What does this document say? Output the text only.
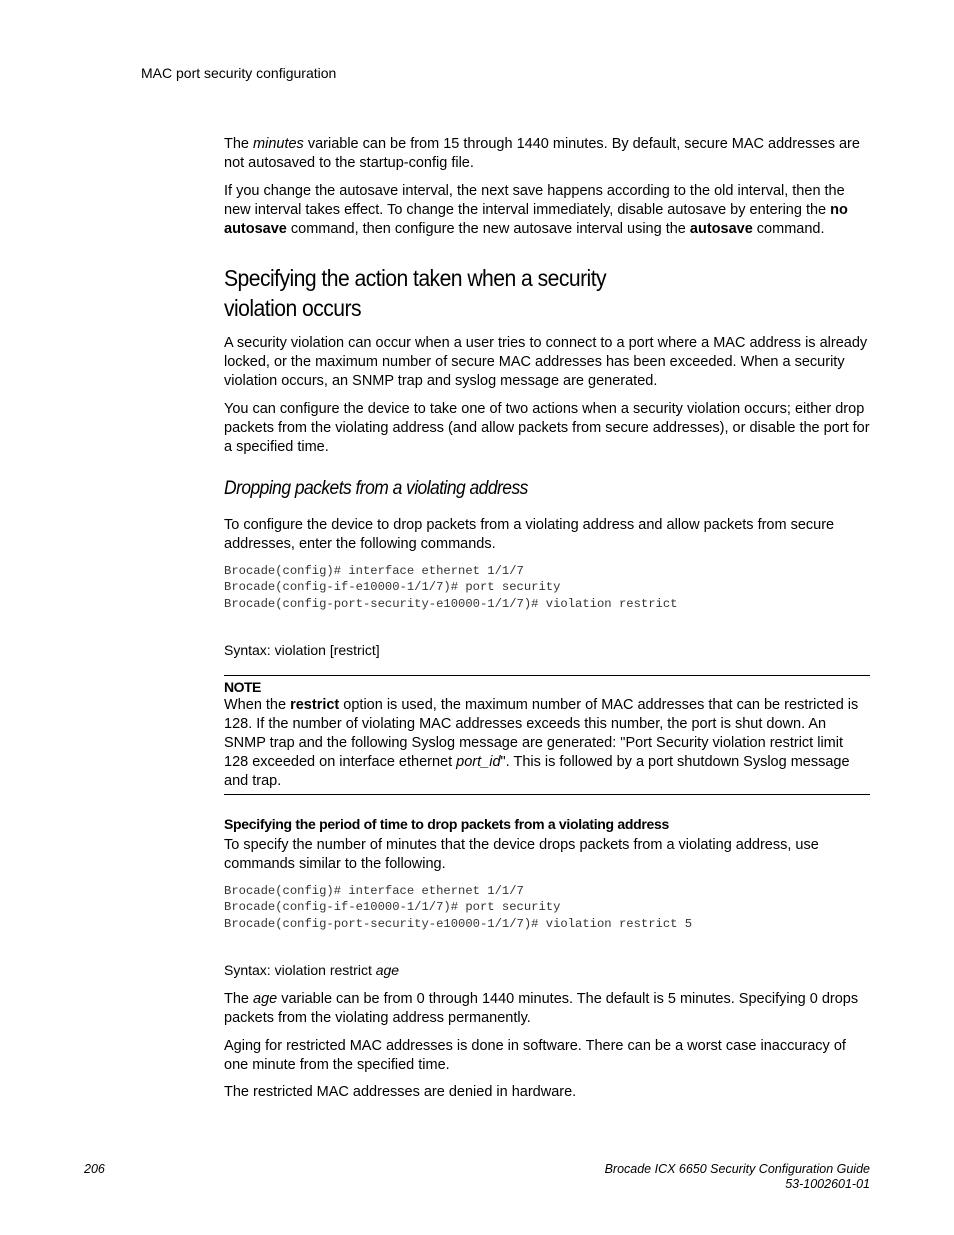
MAC port security configuration

The minutes variable can be from 15 through 1440 minutes. By default, secure MAC addresses are not autosaved to the startup-config file.

If you change the autosave interval, the next save happens according to the old interval, then the new interval takes effect. To change the interval immediately, disable autosave by entering the no autosave command, then configure the new autosave interval using the autosave command.

Specifying the action taken when a security
violation occurs

A security violation can occur when a user tries to connect to a port where a MAC address is already locked, or the maximum number of secure MAC addresses has been exceeded. When a security violation occurs, an SNMP trap and syslog message are generated.

You can configure the device to take one of two actions when a security violation occurs; either drop packets from the violating address (and allow packets from secure addresses), or disable the port for a specified time.

Dropping packets from a violating address

To configure the device to drop packets from a violating address and allow packets from secure addresses, enter the following commands.

Brocade(config)# interface ethernet 1/1/7
Brocade(config-if-e10000-1/1/7)# port security
Brocade(config-port-security-e10000-1/1/7)# violation restrict
Syntax: violation [restrict]
NOTE

When the restrict option is used, the maximum number of MAC addresses that can be restricted is 128. If the number of violating MAC addresses exceeds this number, the port is shut down. An SNMP trap and the following Syslog message are generated: "Port Security violation restrict limit 128 exceeded on interface ethernet port_id". This is followed by a port shutdown Syslog message and trap.

Specifying the period of time to drop packets from a violating address

To specify the number of minutes that the device drops packets from a violating address, use commands similar to the following.

Brocade(config)# interface ethernet 1/1/7
Brocade(config-if-e10000-1/1/7)# port security
Brocade(config-port-security-e10000-1/1/7)# violation restrict 5
Syntax: violation restrict age

The age variable can be from 0 through 1440 minutes. The default is 5 minutes. Specifying 0 drops packets from the violating address permanently.

Aging for restricted MAC addresses is done in software. There can be a worst case inaccuracy of one minute from the specified time.

The restricted MAC addresses are denied in hardware.

206	Brocade ICX 6650 Security Configuration Guide
53-1002601-01
